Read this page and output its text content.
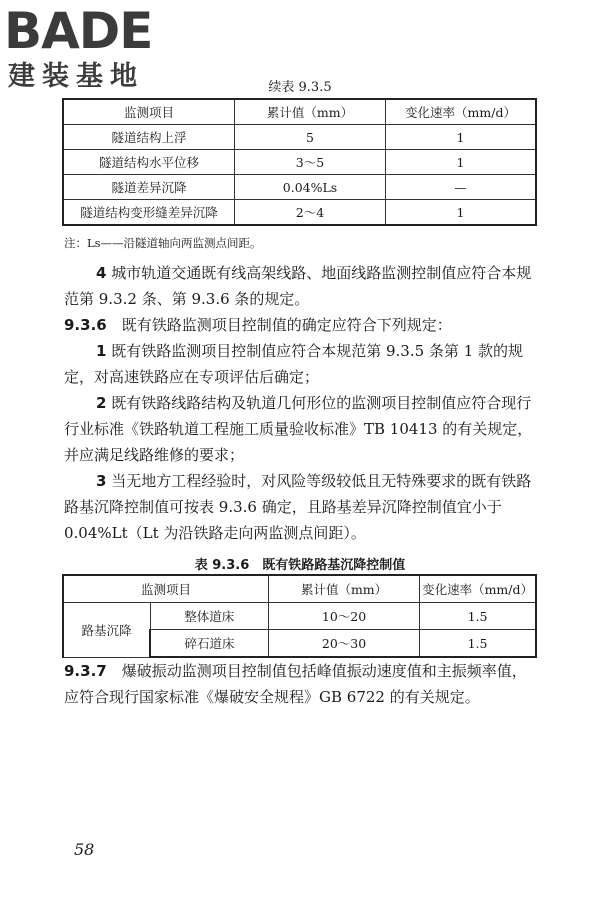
BADE
建装基地	续表 9.3.5
监测项目	累计值（mm）	变化速率（mm/d）
隧道结构上浮	5	1
隧道结构水平位移	3～5	1
隧道差异沉降	0.04%Ls	—
隧道结构变形缝差异沉降	2～4	1
注：Ls——沿隧道轴向两监测点间距。

4 城市轨道交通既有线高架线路、地面线路监测控制值应符合本规范第 9.3.2 条、第 9.3.6 条的规定。

9.3.6　 既有铁路监测项目控制值的确定应符合下列规定：

1 既有铁路监测项目控制值应符合本规范第 9.3.5 条第 1 款的规定，对高速铁路应在专项评估后确定；

2 既有铁路线路结构及轨道几何形位的监测项目控制值应符合现行行业标准《铁路轨道工程施工质量验收标准》TB 10413 的有关规定，并应满足线路维修的要求；

3 当无地方工程经验时，对风险等级较低且无特殊要求的既有铁路路基沉降控制值可按表 9.3.6 确定，且路基差异沉降控制值宜小于 0.04%Lt（Lt 为沿铁路走向两监测点间距）。

表 9.3.6　既有铁路路基沉降控制值
监测项目		累计值（mm）	变化速率（mm/d）
路基沉降	整体道床	10～20	1.5
	碎石道床	20～30	1.5

9.3.7　 爆破振动监测项目控制值包括峰值振动速度值和主振频率值，应符合现行国家标准《爆破安全规程》GB 6722 的有关规定。

58
